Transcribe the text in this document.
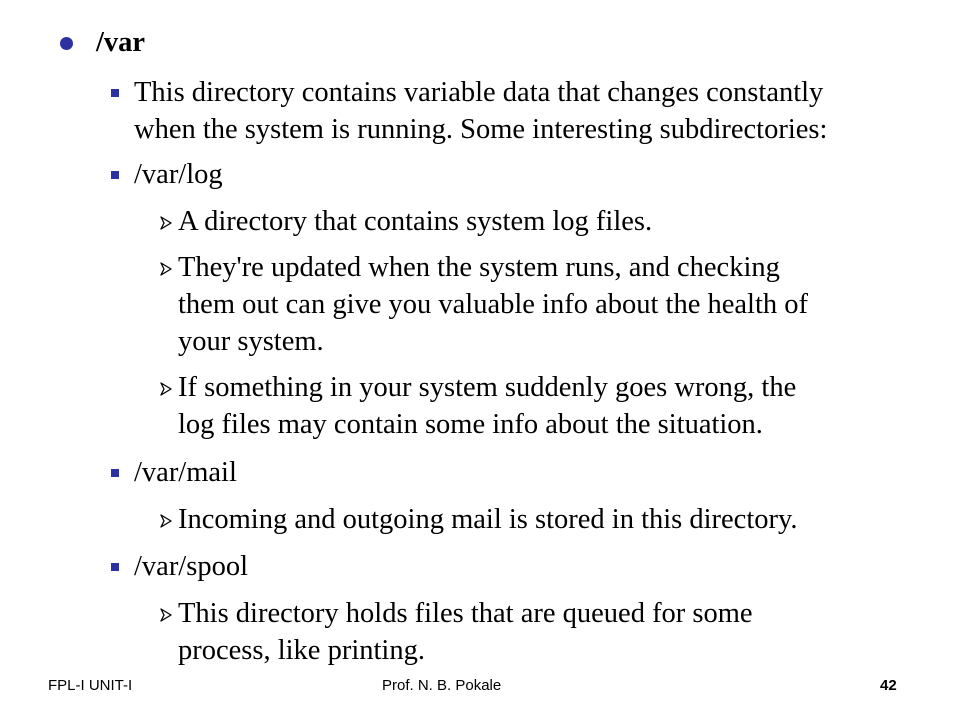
/var
This directory contains variable data that changes constantly
when the system is running. Some interesting subdirectories:
/var/log
A directory that contains system log files.
They're updated when the system runs, and checking
them out can give you valuable info about the health of
your system.
If something in your system suddenly goes wrong, the
log files may contain some info about the situation.
/var/mail
Incoming and outgoing mail is stored in this directory.
/var/spool
This directory holds files that are queued for some
process, like printing.
FPL-I UNIT-I	Prof. N. B. Pokale	42
